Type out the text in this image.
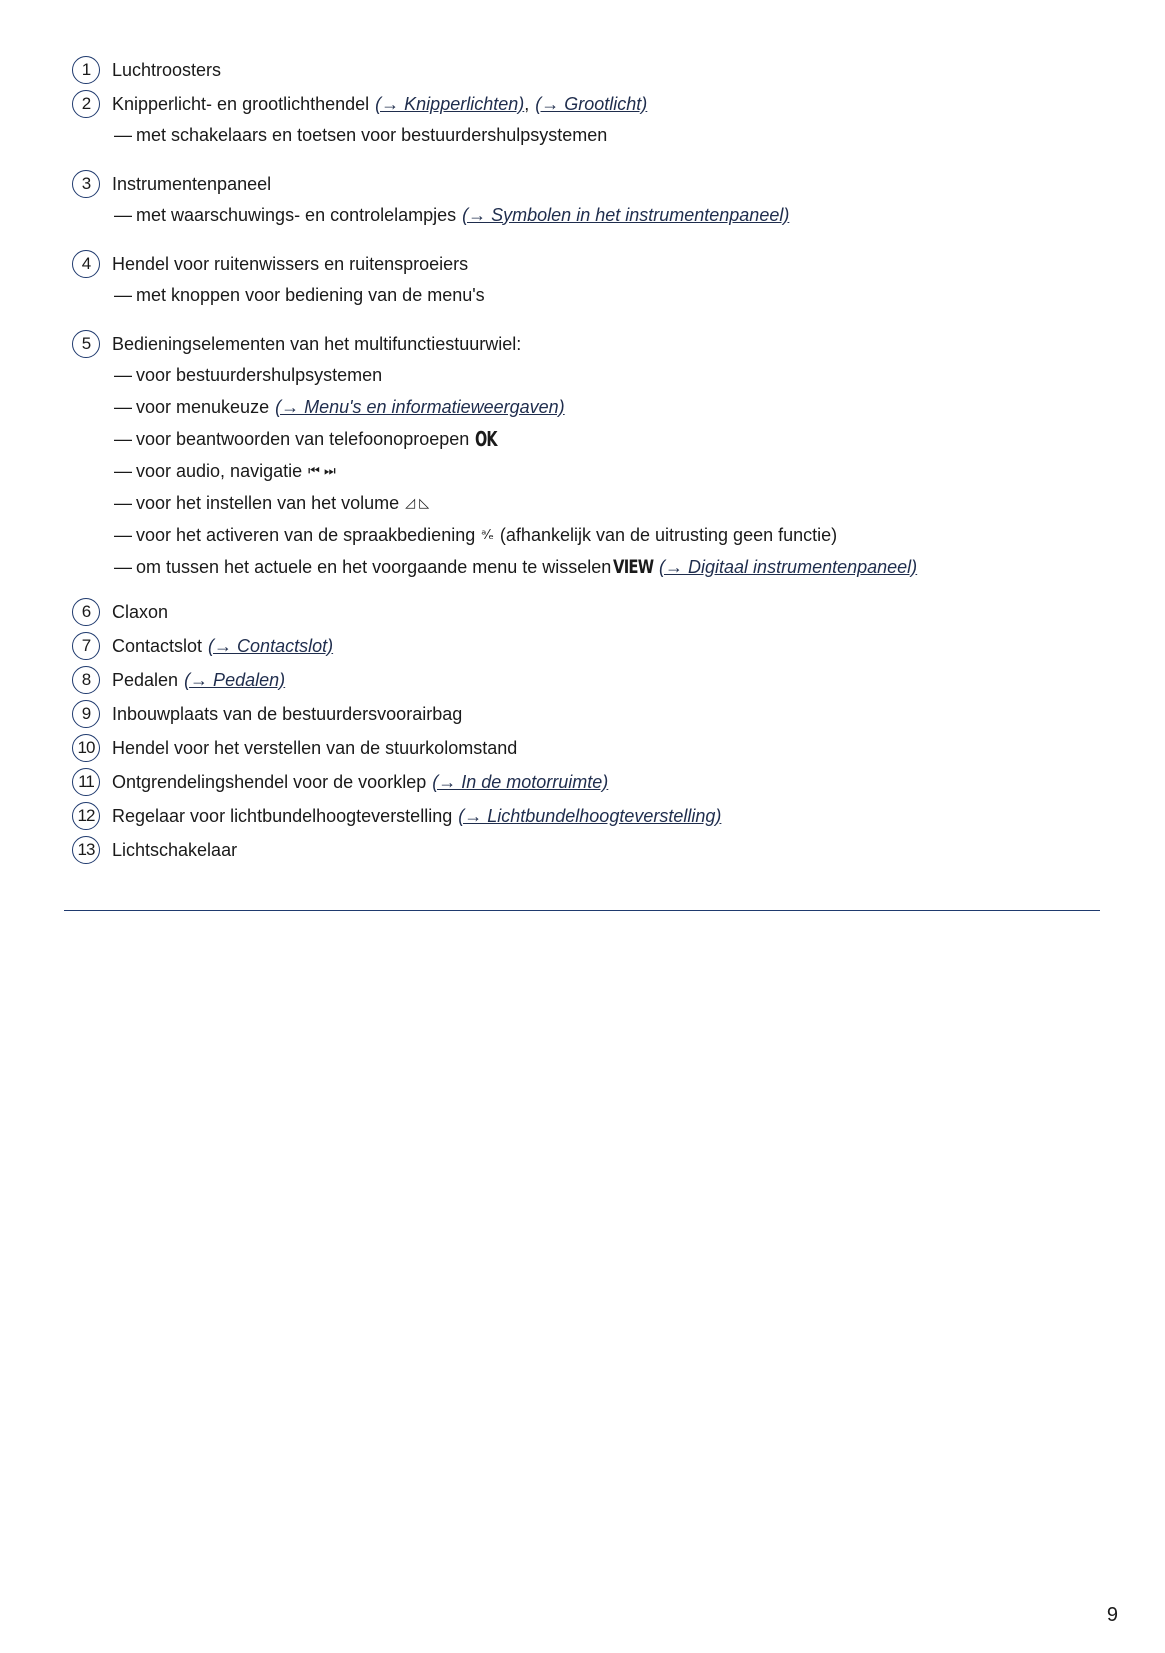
1	Luchtroosters
2	Knipperlicht- en grootlichthendel (→ Knipperlichten) , (→ Grootlicht)
— met schakelaars en toetsen voor bestuurdershulpsystemen
3	Instrumentenpaneel
— met waarschuwings- en controlelampjes (→ Symbolen in het instrumentenpaneel)
4	Hendel voor ruitenwissers en ruitensproeiers
— met knoppen voor bediening van de menu's
5	Bedieningselementen van het multifunctiestuurwiel:
— voor bestuurdershulpsystemen
— voor menukeuze (→ Menu's en informatieweergaven)
— voor beantwoorden van telefoonoproepen OK
— voor audio, navigatie ⏮ ⏭
— voor het instellen van het volume ◿ ◺
— voor het activeren van de spraakbediening ᵃ⁄ₑ (afhankelijk van de uitrusting geen functie)
— om tussen het actuele en het voorgaande menu te wisselen VIEW (→ Digitaal instrumentenpaneel)
6	Claxon
7	Contactslot (→ Contactslot)
8	Pedalen (→ Pedalen)
9	Inbouwplaats van de bestuurdersvoorairbag
10 Hendel voor het verstellen van de stuurkolomstand
11	Ontgrendelingshendel voor de voorklep (→ In de motorruimte)
12 Regelaar voor lichtbundelhoogteverstelling (→ Lichtbundelhoogteverstelling)
13 Lichtschakelaar
9
